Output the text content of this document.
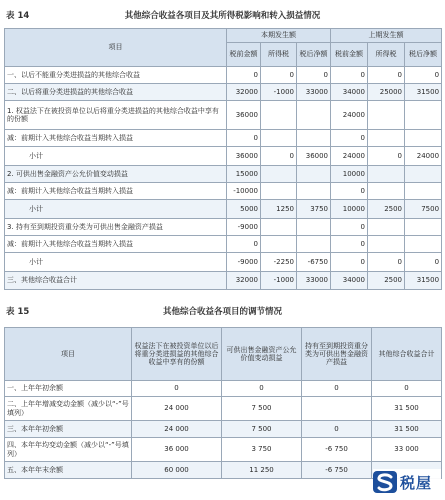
表 14	其他综合收益各项目及其所得税影响和转入损益情况
项目	本期发生额			上期发生额		
	税前金额	所得税	税后净额	税前金额	所得税	税后净额
一、以后不能重分类进损益的其他综合收益	0	0	0	0	0	0
二、以后将重分类进损益的其他综合收益	32000	-1000	33000	34000	25000	31500
1. 权益法下在被投资单位以后将重分类进损益的其他综合收益中享有的份额	36000			24000		
减：前期计入其他综合收益当期转入损益	0			0		
小计	36000	0	36000	24000	0	24000
2. 可供出售金融资产公允价值变动损益	15000			10000		
减：前期计入其他综合收益当期转入损益	-10000			0		
小计	5000	1250	3750	10000	2500	7500
3. 持有至到期投资重分类为可供出售金融资产损益	-9000			0		
减：前期计入其他综合收益当期转入损益	0			0		
小计	-9000	-2250	-6750	0	0	0
三、其他综合收益合计	32000	-1000	33000	34000	2500	31500
表 15	其他综合收益各项目的调节情况
项目	权益法下在被投资单位以后将重分类进损益的其他综合收益中享有的份额	可供出售金融资产公允价值变动损益	持有至到期投资重分类为可供出售金融资产损益	其他综合收益合计
一、上年年初余额	0	0	0	0
二、上年年增减变动金额（减少以“-”号填列）	24 000	7 500		31 500
三、本年年初余额	24 000	7 500	0	31 500
四、本年年均变动金额（减少以“-”号填列）	36 000	3 750	-6 750	33 000
五、本年年末余额	60 000	11 250	-6 750	
税屋
